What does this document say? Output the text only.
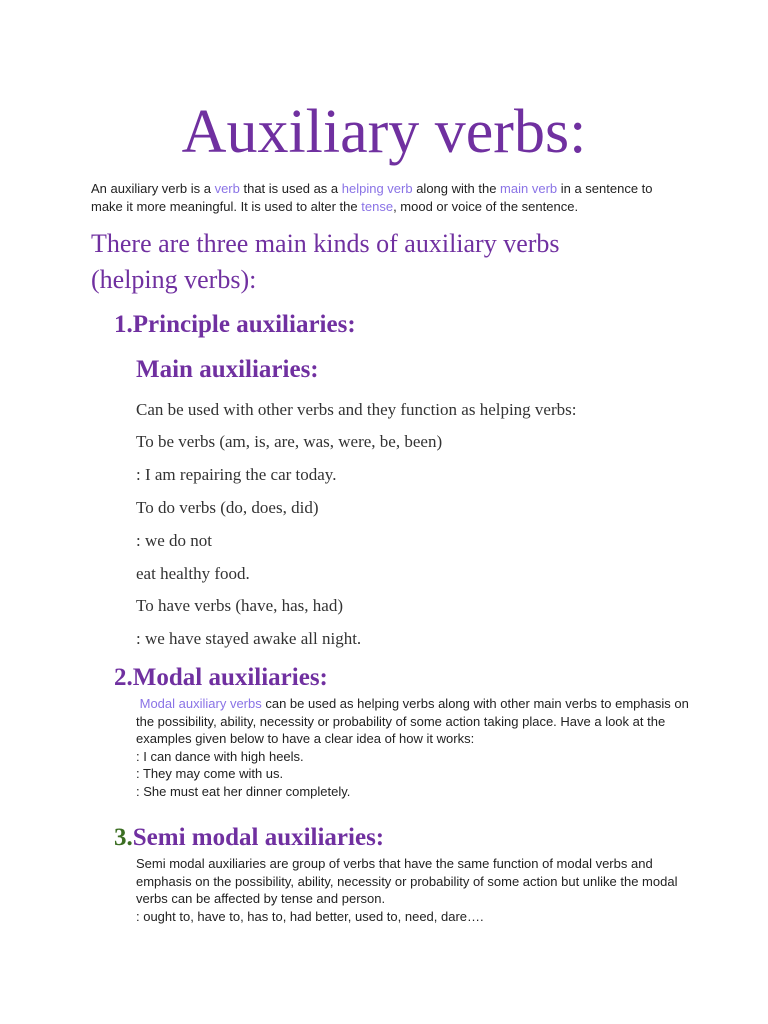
Auxiliary verbs:
An auxiliary verb is a verb that is used as a helping verb along with the main verb in a sentence to make it more meaningful. It is used to alter the tense, mood or voice of the sentence.
There are three main kinds of auxiliary verbs (helping verbs):
1.Principle auxiliaries:
Main auxiliaries:
Can be used with other verbs and they function as helping verbs:
To be verbs (am, is, are, was, were, be, been)
: I am repairing the car today.
To do verbs (do, does, did)
: we do not
eat healthy food.
To have verbs (have, has, had)
: we have stayed awake all night.
2.Modal auxiliaries:
Modal auxiliary verbs can be used as helping verbs along with other main verbs to emphasis on the possibility, ability, necessity or probability of some action taking place. Have a look at the examples given below to have a clear idea of how it works:
: I can dance with high heels.
: They may come with us.
: She must eat her dinner completely.
3.Semi modal auxiliaries:
Semi modal auxiliaries are group of verbs that have the same function of modal verbs and emphasis on the possibility, ability, necessity or probability of some action but unlike the modal verbs can be affected by tense and person.
: ought to, have to, has to, had better, used to, need, dare….
